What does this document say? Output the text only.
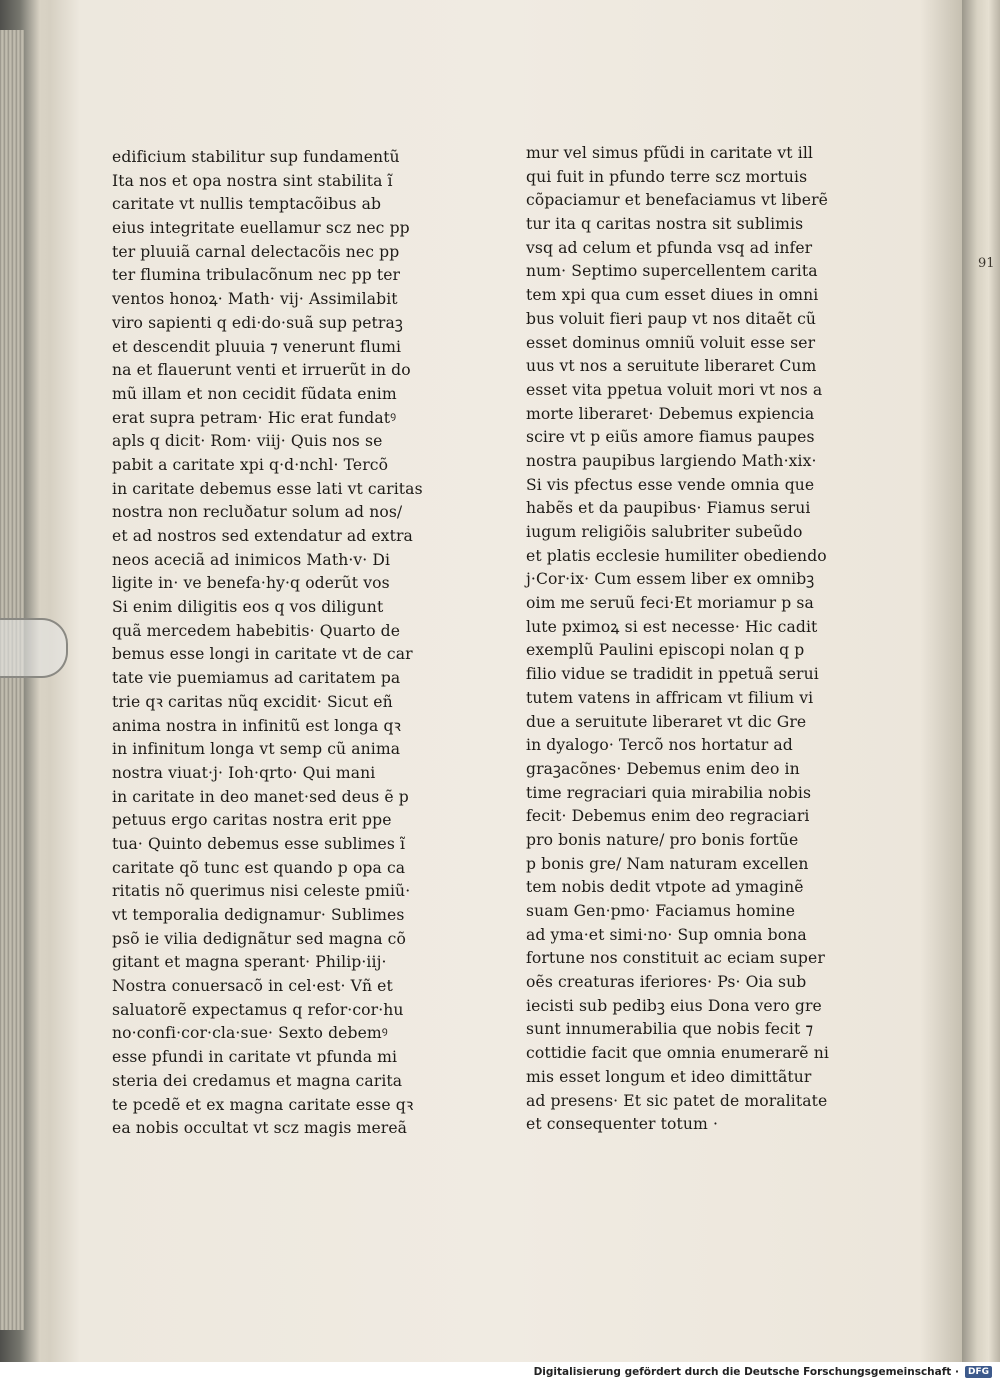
edificium stabilitur sup fundamentũ
Ita nos et opa nostra sint stabilita ĩ
caritate vt nullis temptacõibus ab
eius integritate euellamur scz nec pp
ter pluuiã carnal delectacõis nec pp
ter flumina tribulacõnum nec pp ter
ventos honoꝝ· Math· vij· Assimilabit
viro sapienti q edi·do·suã sup petraꝫ
et descendit pluuia ⁊ venerunt flumi
na et flauerunt venti et irruerũt in do
mũ illam et non cecidit fũdata enim
erat supra petram· Hic erat fundatꝰ
apls q dicit· Rom· viij· Quis nos se
pabit a caritate xpi q·d·nchl· Tercõ
in caritate debemus esse lati vt caritas
nostra non recluðatur solum ad nos/
et ad nostros sed extendatur ad extra
neos aceciã ad inimicos Math·v· Di
ligite in· ve benefa·hy·q oderũt vos
Si enim diligitis eos q vos diligunt
quã mercedem habebitis· Quarto de
bemus esse longi in caritate vt de car
tate vie puemiamus ad caritatem pa
trie qꝛ caritas nũq excidit· Sicut eñ
anima nostra in infinitũ est longa qꝛ
in infinitum longa vt semp cũ anima
nostra viuat·j· Ioh·qrto· Qui mani
in caritate in deo manet·sed deus ẽ p
petuus ergo caritas nostra erit ppe
tua· Quinto debemus esse sublimes ĩ
caritate qõ tunc est quando p opa ca
ritatis nõ querimus nisi celeste pmiũ·
vt temporalia dedignamur· Sublimes
psõ ie vilia dedignãtur sed magna cõ
gitant et magna sperant· Philip·iij·
Nostra conuersacõ in cel·est· Vñ et
saluatorẽ expectamus q refor·cor·hu
no·confi·cor·cla·sue· Sexto debemꝰ
esse pfundi in caritate vt pfunda mi
steria dei credamus et magna carita
te pcedẽ et ex magna caritate esse qꝛ
ea nobis occultat vt scz magis mereã
mur vel simus pfũdi in caritate vt ill
qui fuit in pfundo terre scz mortuis
cõpaciamur et benefaciamus vt liberẽ
tur ita q caritas nostra sit sublimis
vsq ad celum et pfunda vsq ad infer
num· Septimo supercellentem carita
tem xpi qua cum esset diues in omni
bus voluit fieri paup vt nos ditaẽt cũ
esset dominus omniũ voluit esse ser
uus vt nos a seruitute liberaret Cum
esset vita ppetua voluit mori vt nos a
morte liberaret· Debemus expiencia
scire vt p eiũs amore fiamus paupes
nostra paupibus largiendo Math·xix·
Si vis pfectus esse vende omnia que
habẽs et da paupibus· Fiamus serui
iugum religiõis salubriter subeũdo
et platis ecclesie humiliter obediendo
j·Cor·ix· Cum essem liber ex omnibꝫ
oim me seruũ feci·Et moriamur p sa
lute pximoꝝ si est necesse· Hic cadit
exemplũ Paulini episcopi nolan q p
filio vidue se tradidit in ppetuã serui
tutem vatens in affricam vt filium vi
due a seruitute liberaret vt dic Gre
in dyalogo· Tercõ nos hortatur ad
graꝫacõnes· Debemus enim deo in
time regraciari quia mirabilia nobis
fecit· Debemus enim deo regraciari
pro bonis nature/ pro bonis fortũe
p bonis gre/ Nam naturam excellen
tem nobis dedit vtpote ad ymaginẽ
suam Gen·pmo· Faciamus homine
ad yma·et simi·no· Sup omnia bona
fortune nos constituit ac eciam super
oẽs creaturas iferiores· Ps· Oia sub
iecisti sub pedibꝫ eius Dona vero gre
sunt innumerabilia que nobis fecit ⁊
cottidie facit que omnia enumerarẽ ni
mis esset longum et ideo dimittãtur
ad presens· Et sic patet de moralitate
et consequenter totum ·
91
Digitalisierung gefördert durch die Deutsche Forschungsgemeinschaft ·	DFG
